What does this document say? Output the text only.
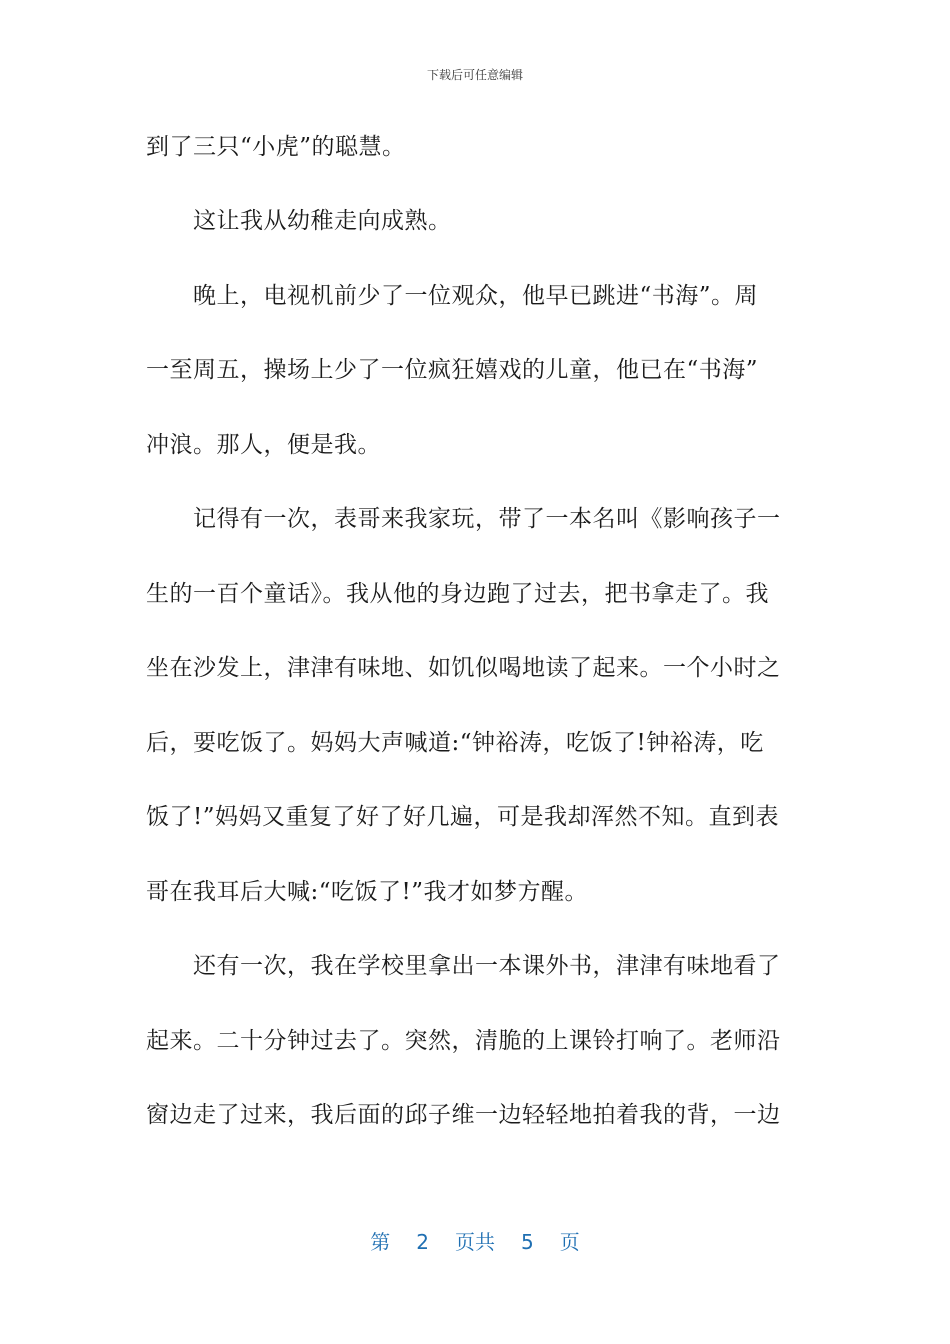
下载后可任意编辑
到了三只“小虎”的聪慧。
　　这让我从幼稚走向成熟。
　　晚上，电视机前少了一位观众，他早已跳进“书海”。周
一至周五，操场上少了一位疯狂嬉戏的儿童，他已在“书海”
冲浪。那人，便是我。
　　记得有一次，表哥来我家玩，带了一本名叫《影响孩子一
生的一百个童话》。我从他的身边跑了过去，把书拿走了。我
坐在沙发上，津津有味地、如饥似喝地读了起来。一个小时之
后，要吃饭了。妈妈大声喊道:“钟裕涛，吃饭了!钟裕涛，吃
饭了!”妈妈又重复了好了好几遍，可是我却浑然不知。直到表
哥在我耳后大喊:“吃饭了!”我才如梦方醒。
　　还有一次，我在学校里拿出一本课外书，津津有味地看了
起来。二十分钟过去了。突然，清脆的上课铃打响了。老师沿
窗边走了过来，我后面的邱子维一边轻轻地拍着我的背，一边
第 2 页共 5 页
